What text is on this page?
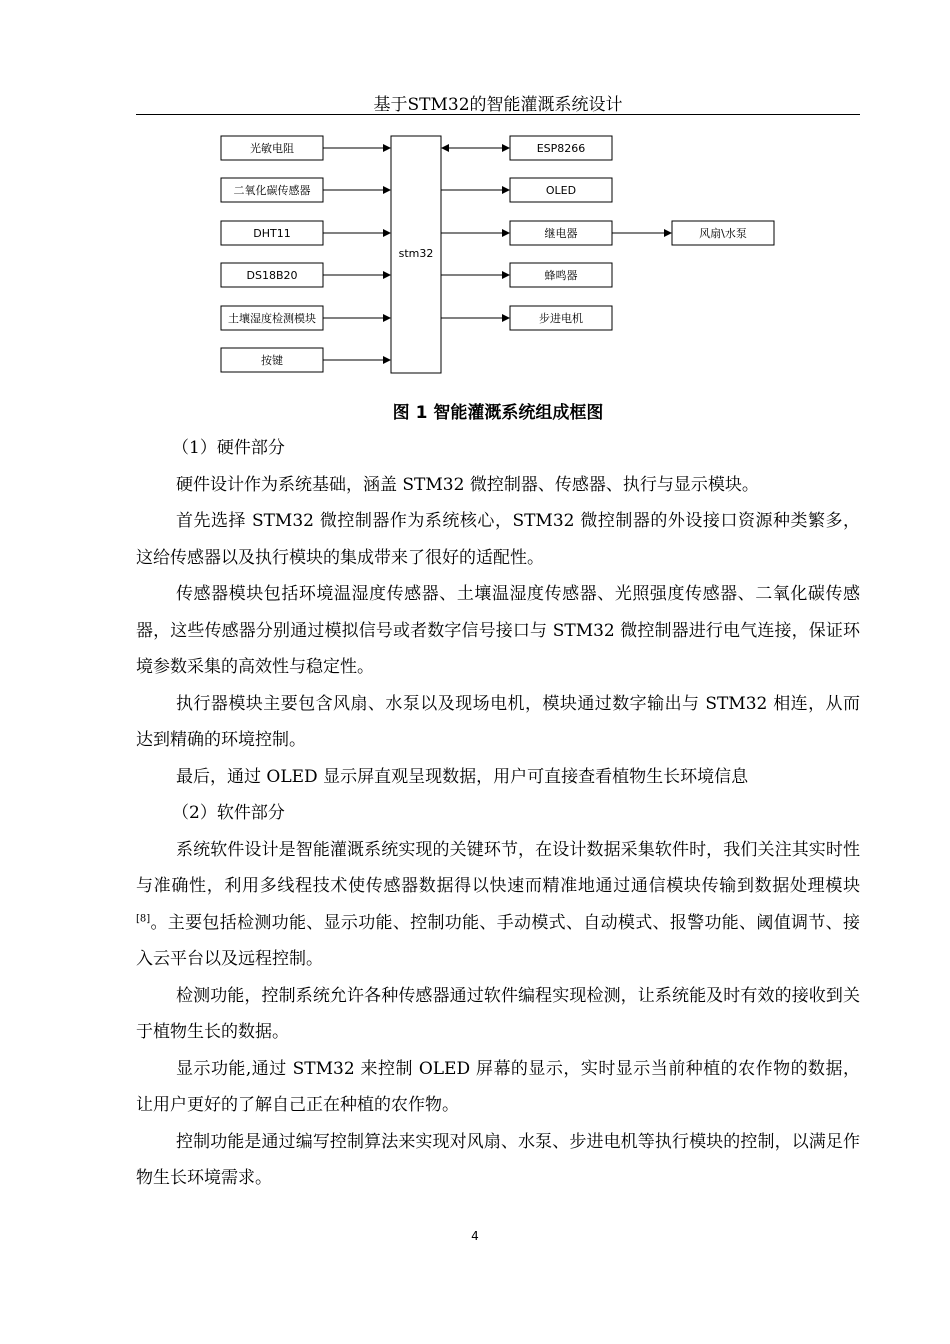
基于STM32的智能灌溉系统设计
光敏电阻
二氧化碳传感器
DHT11
DS18B20
土壤湿度检测模块
按键
stm32
ESP8266
OLED
继电器
蜂鸣器
步进电机
风扇\水泵
图 1 智能灌溉系统组成框图

（1）硬件部分

硬件设计作为系统基础，涵盖 STM32 微控制器、传感器、执行与显示模块。

首先选择 STM32 微控制器作为系统核心，STM32 微控制器的外设接口资源种类繁多，这给传感器以及执行模块的集成带来了很好的适配性。

传感器模块包括环境温湿度传感器、土壤温湿度传感器、光照强度传感器、二氧化碳传感器，这些传感器分别通过模拟信号或者数字信号接口与 STM32 微控制器进行电气连接，保证环境参数采集的高效性与稳定性。

执行器模块主要包含风扇、水泵以及现场电机，模块通过数字输出与 STM32 相连，从而达到精确的环境控制。

最后，通过 OLED 显示屏直观呈现数据，用户可直接查看植物生长环境信息

（2）软件部分

系统软件设计是智能灌溉系统实现的关键环节，在设计数据采集软件时，我们关注其实时性与准确性，利用多线程技术使传感器数据得以快速而精准地通过通信模块传输到数据处理模块[8]。主要包括检测功能、显示功能、控制功能、手动模式、自动模式、报警功能、阈值调节、接入云平台以及远程控制。

检测功能，控制系统允许各种传感器通过软件编程实现检测，让系统能及时有效的接收到关于植物生长的数据。

显示功能,通过 STM32 来控制 OLED 屏幕的显示，实时显示当前种植的农作物的数据，让用户更好的了解自己正在种植的农作物。

控制功能是通过编写控制算法来实现对风扇、水泵、步进电机等执行模块的控制，以满足作物生长环境需求。

4
